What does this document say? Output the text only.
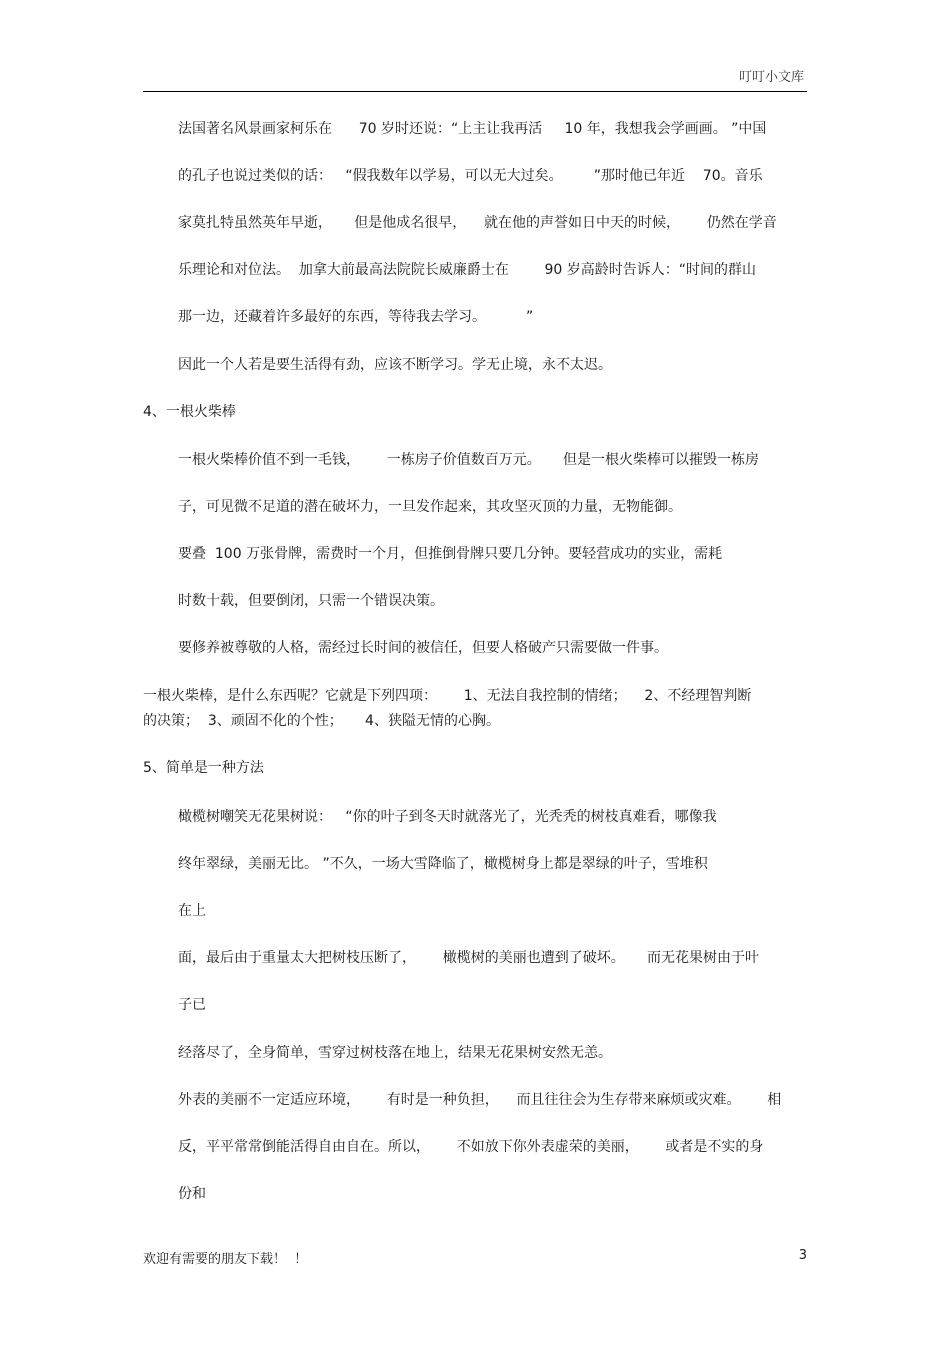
叮叮小文库
法国著名风景画家柯乐在      70 岁时还说：“上主让我再活     10 年，我想我会学画画。 ”中国
的孔子也说过类似的话：   “假我数年以学易，可以无大过矣。       ”那时他已年近    70。音乐
家莫扎特虽然英年早逝，     但是他成名很早，    就在他的声誉如日中天的时候，      仍然在学音
乐理论和对位法。  加拿大前最高法院院长威廉爵士在        90 岁高龄时告诉人：“时间的群山
那一边，还藏着许多最好的东西，等待我去学习。         ”
因此一个人若是要生活得有劲，应该不断学习。学无止境，永不太迟。
4、一根火柴棒
一根火柴棒价值不到一毛钱，      一栋房子价值数百万元。     但是一根火柴棒可以摧毁一栋房
子，可见微不足道的潜在破坏力，一旦发作起来，其攻坚灭顶的力量，无物能御。
要叠  100 万张骨牌，需费时一个月，但推倒骨牌只要几分钟。要轻营成功的实业，需耗
时数十载，但要倒闭，只需一个错误决策。
要修养被尊敬的人格，需经过长时间的被信任，但要人格破产只需要做一件事。
一根火柴棒，是什么东西呢？它就是下列四项：      1、无法自我控制的情绪；    2、不经理智判断
的决策；  3、顽固不化的个性；     4、狭隘无情的心胸。
5、简单是一种方法
橄榄树嘲笑无花果树说：   “你的叶子到冬天时就落光了，光秃秃的树枝真难看，哪像我
终年翠绿，美丽无比。 ”不久，一场大雪降临了，橄榄树身上都是翠绿的叶子，雪堆积
在上
面，最后由于重量太大把树枝压断了，      橄榄树的美丽也遭到了破坏。     而无花果树由于叶
子已
经落尽了，全身简单，雪穿过树枝落在地上，结果无花果树安然无恙。
外表的美丽不一定适应环境，      有时是一种负担，    而且往往会为生存带来麻烦或灾难。      相
反，平平常常倒能活得自由自在。所以，      不如放下你外表虚荣的美丽，      或者是不实的身
份和
欢迎有需要的朋友下载！  ！	3
